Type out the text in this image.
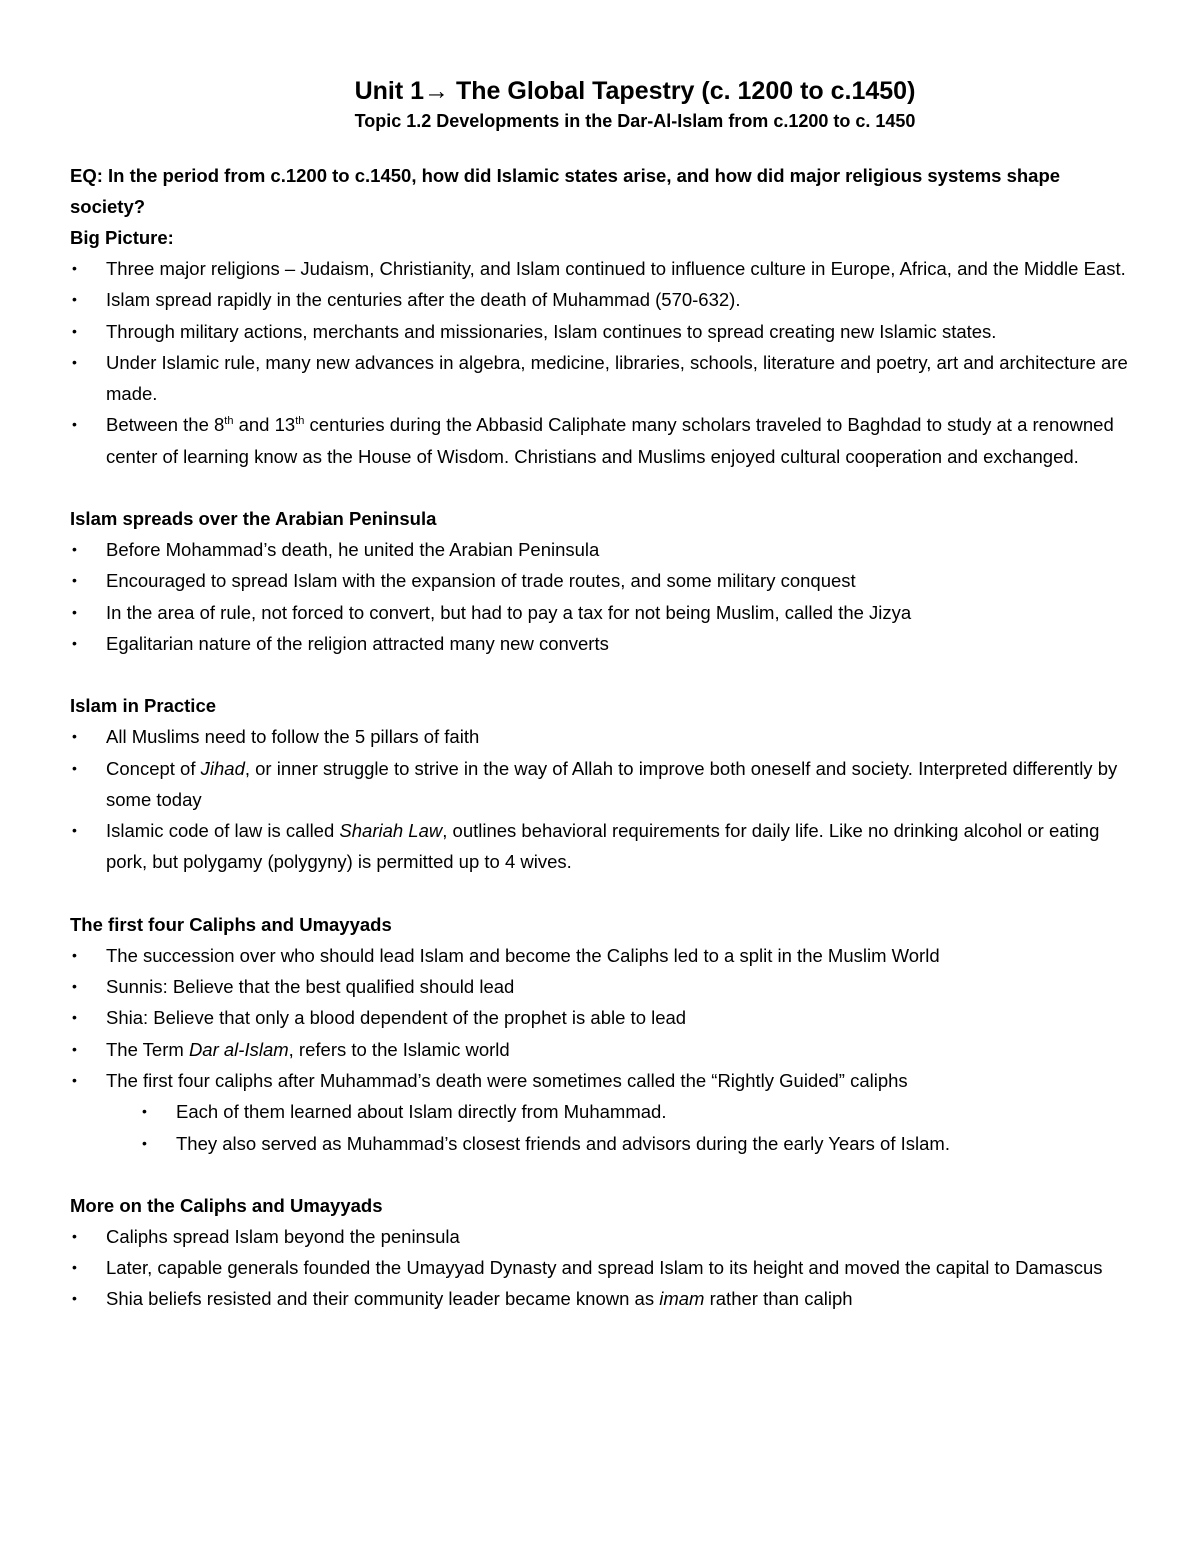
Unit 1→ The Global Tapestry (c. 1200 to c.1450)

Topic 1.2 Developments in the Dar-Al-Islam from c.1200 to c. 1450

EQ: In the period from c.1200 to c.1450, how did Islamic states arise, and how did major religious systems shape society?

Big Picture:

• Three major religions – Judaism, Christianity, and Islam continued to influence culture in Europe, Africa, and the Middle East.
• Islam spread rapidly in the centuries after the death of Muhammad (570-632).
• Through military actions, merchants and missionaries, Islam continues to spread creating new Islamic states.
• Under Islamic rule, many new advances in algebra, medicine, libraries, schools, literature and poetry, art and architecture are made.
• Between the 8th and 13th centuries during the Abbasid Caliphate many scholars traveled to Baghdad to study at a renowned center of learning know as the House of Wisdom. Christians and Muslims enjoyed cultural cooperation and exchanged.

Islam spreads over the Arabian Peninsula

• Before Mohammad’s death, he united the Arabian Peninsula
• Encouraged to spread Islam with the expansion of trade routes, and some military conquest
• In the area of rule, not forced to convert, but had to pay a tax for not being Muslim, called the Jizya
• Egalitarian nature of the religion attracted many new converts

Islam in Practice

• All Muslims need to follow the 5 pillars of faith
• Concept of Jihad, or inner struggle to strive in the way of Allah to improve both oneself and society. Interpreted differently by some today
• Islamic code of law is called Shariah Law, outlines behavioral requirements for daily life. Like no drinking alcohol or eating pork, but polygamy (polygyny) is permitted up to 4 wives.

The first four Caliphs and Umayyads

• The succession over who should lead Islam and become the Caliphs led to a split in the Muslim World
• Sunnis: Believe that the best qualified should lead
• Shia: Believe that only a blood dependent of the prophet is able to lead
• The Term Dar al-Islam, refers to the Islamic world
• The first four caliphs after Muhammad’s death were sometimes called the “Rightly Guided” caliphs
• Each of them learned about Islam directly from Muhammad.
• They also served as Muhammad’s closest friends and advisors during the early Years of Islam.

More on the Caliphs and Umayyads

• Caliphs spread Islam beyond the peninsula
• Later, capable generals founded the Umayyad Dynasty and spread Islam to its height and moved the capital to Damascus
• Shia beliefs resisted and their community leader became known as imam rather than caliph
